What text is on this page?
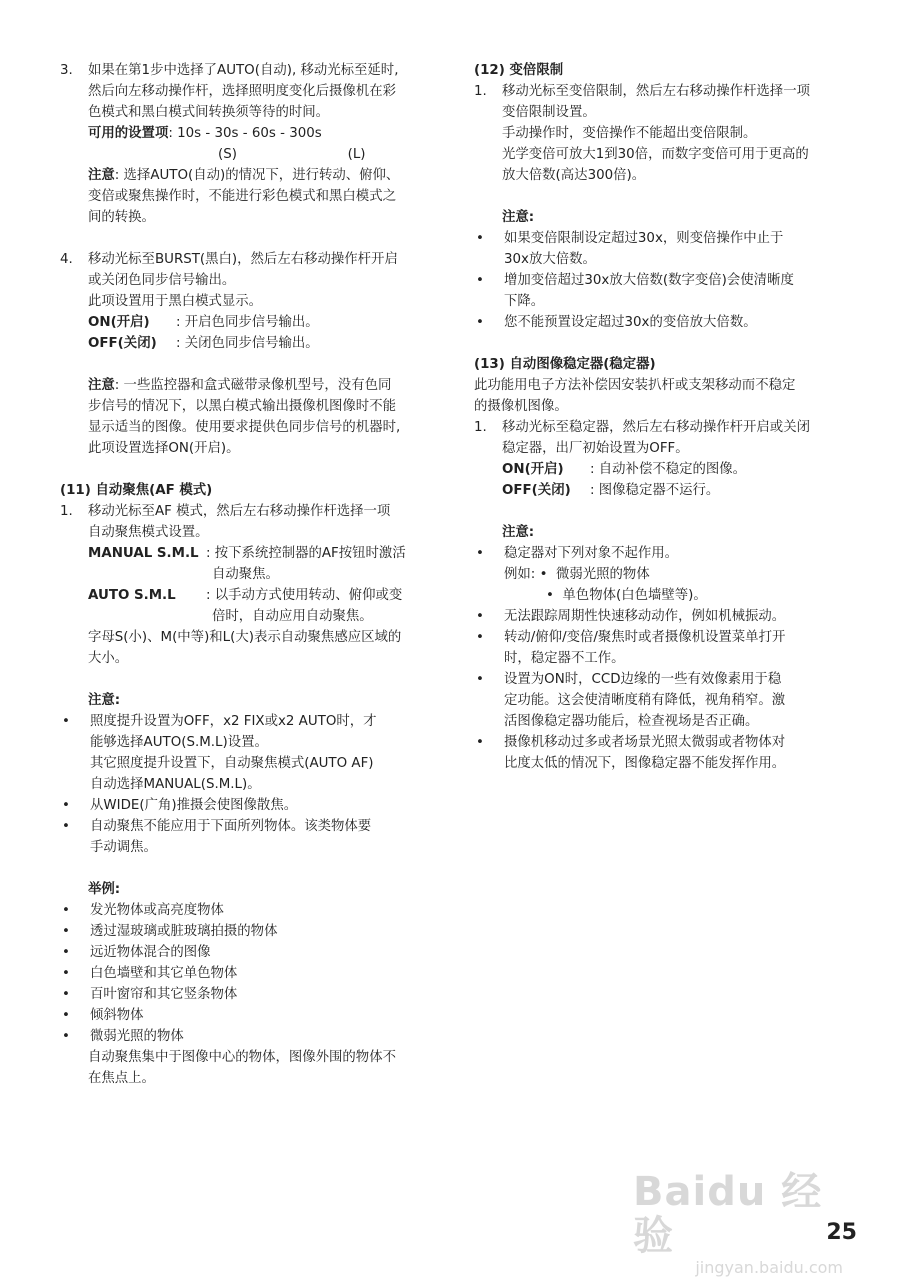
3.	如果在第1步中选择了AUTO(自动), 移动光标至延时,
然后向左移动操作杆，选择照明度变化后摄像机在彩
色模式和黑白模式间转换须等待的时间。
可用的设置项: 10s - 30s - 60s - 300s
(S)                          (L)
注意: 选择AUTO(自动)的情况下，进行转动、俯仰、
变倍或聚焦操作时，不能进行彩色模式和黑白模式之
间的转换。
4.	移动光标至BURST(黑白)，然后左右移动操作杆开启
或关闭色同步信号输出。
此项设置用于黑白模式显示。
ON(开启)	: 开启色同步信号输出。
OFF(关闭)	: 关闭色同步信号输出。
注意: 一些监控器和盒式磁带录像机型号，没有色同
步信号的情况下，以黑白模式输出摄像机图像时不能
显示适当的图像。使用要求提供色同步信号的机器时,
此项设置选择ON(开启)。
(11) 自动聚焦(AF 模式)
1.	移动光标至AF 模式，然后左右移动操作杆选择一项
自动聚焦模式设置。
MANUAL S.M.L : 按下系统控制器的AF按钮时激活
自动聚焦。
AUTO S.M.L	: 以手动方式使用转动、俯仰或变
倍时，自动应用自动聚焦。
字母S(小)、M(中等)和L(大)表示自动聚焦感应区域的
大小。
注意:
•	照度提升设置为OFF，x2 FIX或x2 AUTO时，才
能够选择AUTO(S.M.L)设置。
其它照度提升设置下，自动聚焦模式(AUTO AF)
自动选择MANUAL(S.M.L)。
•	从WIDE(广角)推摄会使图像散焦。
•	自动聚焦不能应用于下面所列物体。该类物体要
手动调焦。
举例:
•	发光物体或高亮度物体
•	透过湿玻璃或脏玻璃拍摄的物体
•	远近物体混合的图像
•	白色墙壁和其它单色物体
•	百叶窗帘和其它竖条物体
•	倾斜物体
•	微弱光照的物体
自动聚焦集中于图像中心的物体，图像外围的物体不
在焦点上。
(12) 变倍限制
1.	移动光标至变倍限制，然后左右移动操作杆选择一项
变倍限制设置。
手动操作时，变倍操作不能超出变倍限制。
光学变倍可放大1到30倍，而数字变倍可用于更高的
放大倍数(高达300倍)。
注意:
•	如果变倍限制设定超过30x，则变倍操作中止于
30x放大倍数。
•	增加变倍超过30x放大倍数(数字变倍)会使清晰度
下降。
•	您不能预置设定超过30x的变倍放大倍数。
(13) 自动图像稳定器(稳定器)
此功能用电子方法补偿因安装扒杆或支架移动而不稳定
的摄像机图像。
1.	移动光标至稳定器，然后左右移动操作杆开启或关闭
稳定器，出厂初始设置为OFF。
ON(开启)	: 自动补偿不稳定的图像。
OFF(关闭)	: 图像稳定器不运行。
注意:
•	稳定器对下列对象不起作用。
例如: • 微弱光照的物体
• 单色物体(白色墙壁等)。
•	无法跟踪周期性快速移动动作，例如机械振动。
•	转动/俯仰/变倍/聚焦时或者摄像机设置菜单打开
时，稳定器不工作。
•	设置为ON时，CCD边缘的一些有效像素用于稳
定功能。这会使清晰度稍有降低，视角稍窄。激
活图像稳定器功能后，检查视场是否正确。
•	摄像机移动过多或者场景光照太微弱或者物体对
比度太低的情况下，图像稳定器不能发挥作用。
Baidu 经验
jingyan.baidu.com
25
